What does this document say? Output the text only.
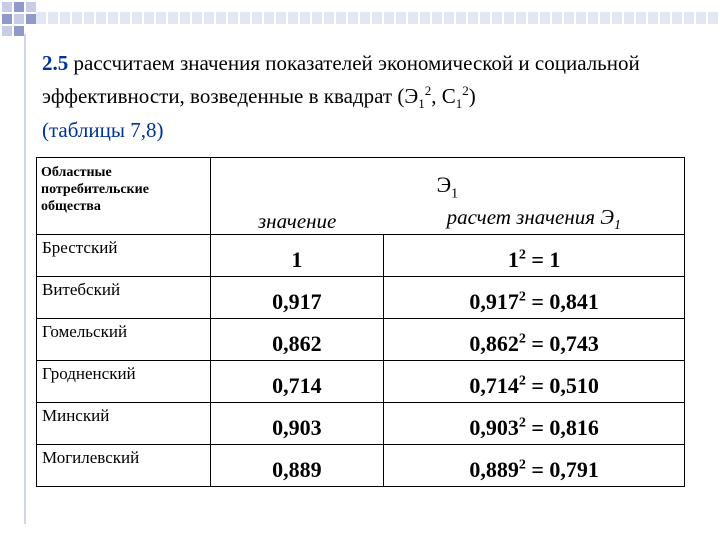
2.5 рассчитаем значения показателей экономической и социальной эффективности, возведенные в квадрат ($Э_1^2$, $С_1^2$)
(таблицы 7,8)
Областные потребительские общества	$Э_1$
	значение	расчет значения $Э_1$
Брестский	1	$1^2 = 1$
Витебский	0,917	$0,917^2 = 0,841$
Гомельский	0,862	$0,862^2 = 0,743$
Гродненский	0,714	$0,714^2 = 0,510$
Минский	0,903	$0,903^2 = 0,816$
Могилевский	0,889	$0,889^2 = 0,791$
